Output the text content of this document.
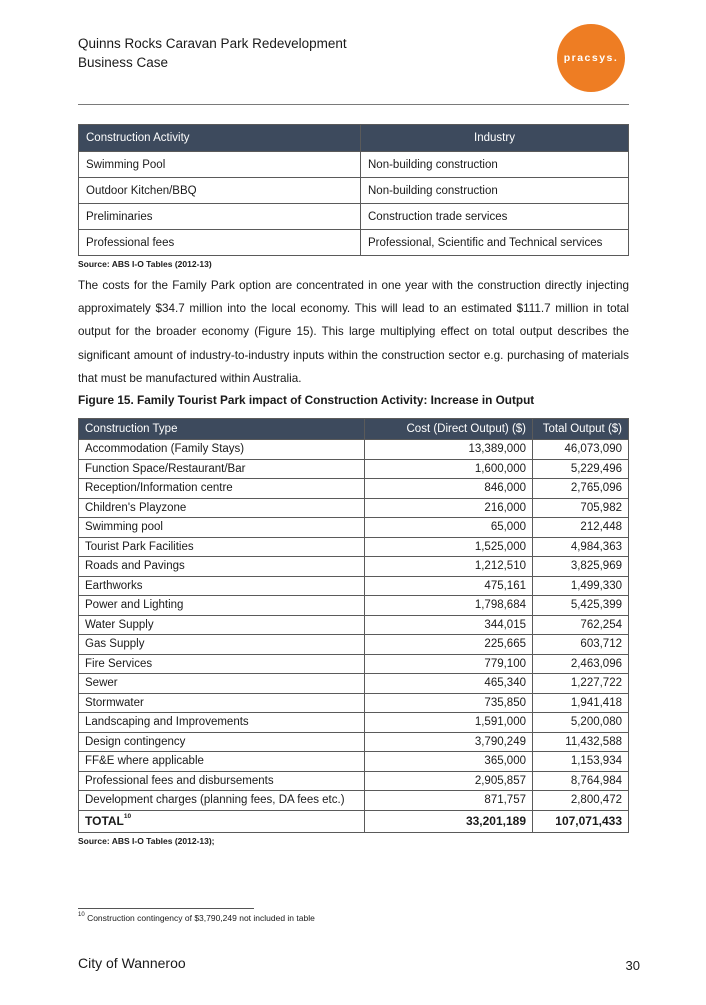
Quinns Rocks Caravan Park Redevelopment
Business Case	pracsys.
Construction Activity	Industry
Swimming Pool	Non-building construction
Outdoor Kitchen/BBQ	Non-building construction
Preliminaries	Construction trade services
Professional fees	Professional, Scientific and Technical services
Source: ABS I-O Tables (2012-13)

The costs for the Family Park option are concentrated in one year with the construction directly injecting approximately $34.7 million into the local economy. This will lead to an estimated $111.7 million in total output for the broader economy (Figure 15). This large multiplying effect on total output describes the significant amount of industry-to-industry inputs within the construction sector e.g. purchasing of materials that must be manufactured within Australia.

Figure 15. Family Tourist Park impact of Construction Activity: Increase in Output
Construction Type	Cost (Direct Output) ($)	Total Output ($)
Accommodation (Family Stays)	13,389,000	46,073,090
Function Space/Restaurant/Bar	1,600,000	5,229,496
Reception/Information centre	846,000	2,765,096
Children's Playzone	216,000	705,982
Swimming pool	65,000	212,448
Tourist Park Facilities	1,525,000	4,984,363
Roads and Pavings	1,212,510	3,825,969
Earthworks	475,161	1,499,330
Power and Lighting	1,798,684	5,425,399
Water Supply	344,015	762,254
Gas Supply	225,665	603,712
Fire Services	779,100	2,463,096
Sewer	465,340	1,227,722
Stormwater	735,850	1,941,418
Landscaping and Improvements	1,591,000	5,200,080
Design contingency	3,790,249	11,432,588
FF&E where applicable	365,000	1,153,934
Professional fees and disbursements	2,905,857	8,764,984
Development charges (planning fees, DA fees etc.)	871,757	2,800,472
TOTAL$^{10}$	33,201,189	107,071,433
Source: ABS I-O Tables (2012-13);
$^{10}$ Construction contingency of $3,790,249 not included in table
City of Wanneroo	30
